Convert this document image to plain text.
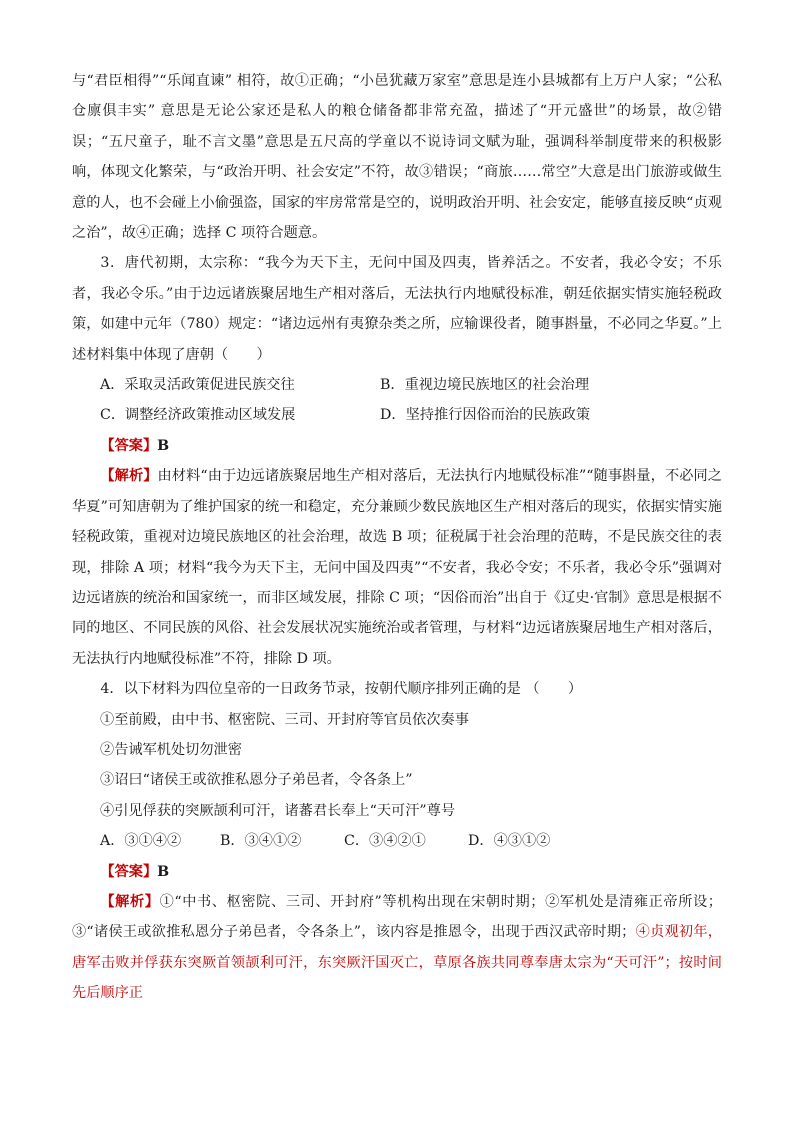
与“君臣相得”“乐闻直谏” 相符，故①正确；“小邑犹藏万家室”意思是连小县城都有上万户人家；“公私仓廪俱丰实” 意思是无论公家还是私人的粮仓储备都非常充盈，描述了“开元盛世”的场景，故②错误；“五尺童子，耻不言文墨”意思是五尺高的学童以不说诗词文赋为耻，强调科举制度带来的积极影响，体现文化繁荣，与“政治开明、社会安定”不符，故③错误；“商旅……常空”大意是出门旅游或做生意的人，也不会碰上小偷强盗，国家的牢房常常是空的，说明政治开明、社会安定，能够直接反映“贞观之治”，故④正确；选择 C 项符合题意。

3．唐代初期，太宗称：“我今为天下主，无问中国及四夷，皆养活之。不安者，我必令安；不乐者，我必令乐。”由于边远诸族聚居地生产相对落后，无法执行内地赋役标准，朝廷依据实情实施轻税政策，如建中元年（780）规定：“诸边远州有夷獠杂类之所，应输课役者，随事斟量，不必同之华夏。”上述材料集中体现了唐朝（　　）

A．采取灵活政策促进民族交往	B．重视边境民族地区的社会治理
C．调整经济政策推动区域发展	D．坚持推行因俗而治的民族政策

【答案】B

【解析】由材料“由于边远诸族聚居地生产相对落后，无法执行内地赋役标准”“随事斟量，不必同之华夏”可知唐朝为了维护国家的统一和稳定，充分兼顾少数民族地区生产相对落后的现实，依据实情实施轻税政策，重视对边境民族地区的社会治理，故选 B 项；征税属于社会治理的范畴，不是民族交往的表现，排除 A 项；材料“我今为天下主，无问中国及四夷”“不安者，我必令安；不乐者，我必令乐”强调对边远诸族的统治和国家统一，而非区域发展，排除 C 项；“因俗而治”出自于《辽史·官制》意思是根据不同的地区、不同民族的风俗、社会发展状况实施统治或者管理，与材料“边远诸族聚居地生产相对落后，无法执行内地赋役标准”不符，排除 D 项。

4．以下材料为四位皇帝的一日政务节录，按朝代顺序排列正确的是 （　　）

①至前殿，由中书、枢密院、三司、开封府等官员依次奏事
②告诫军机处切勿泄密
③诏曰“诸侯王或欲推私恩分子弟邑者，令各条上”
④引见俘获的突厥颉利可汗，诸蕃君长奉上“天可汗”尊号
A．③①④②	B．③④①②	C．③④②①	D．④③①②

【答案】B

【解析】①“中书、枢密院、三司、开封府”等机构出现在宋朝时期；②军机处是清雍正帝所设；③“诸侯王或欲推私恩分子弟邑者，令各条上”，该内容是推恩令，出现于西汉武帝时期；④贞观初年，唐军击败并俘获东突厥首领颉利可汗，东突厥汗国灭亡，草原各族共同尊奉唐太宗为“天可汗”；按时间先后顺序正
